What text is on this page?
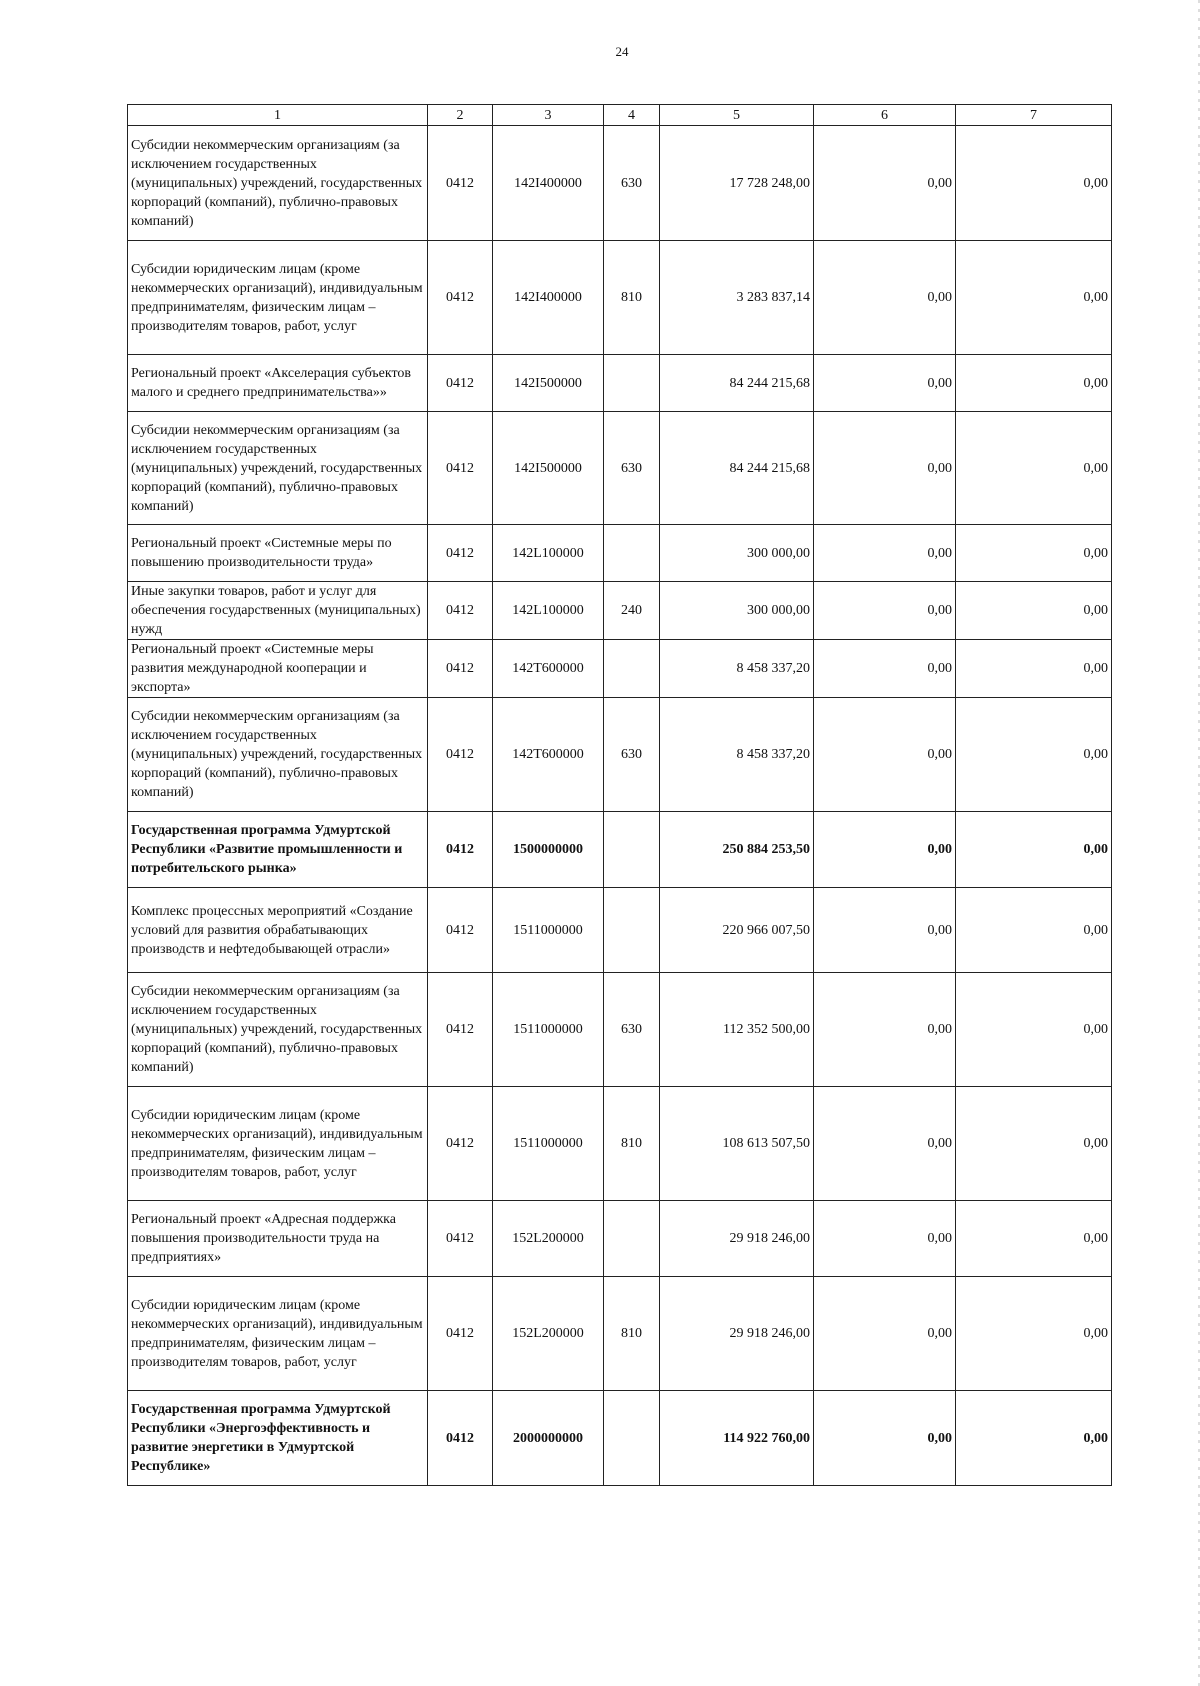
24
1	2	3	4	5	6	7
Субсидии некоммерческим организациям (за исключением государственных (муниципальных) учреждений, государственных корпораций (компаний), публично-правовых компаний)	0412	142I400000	630	17 728 248,00	0,00	0,00
Субсидии юридическим лицам (кроме некоммерческих организаций), индивидуальным предпринимателям, физическим лицам – производителям товаров, работ, услуг	0412	142I400000	810	3 283 837,14	0,00	0,00
Региональный проект «Акселерация субъектов малого и среднего предпринимательства»»	0412	142I500000		84 244 215,68	0,00	0,00
Субсидии некоммерческим организациям (за исключением государственных (муниципальных) учреждений, государственных корпораций (компаний), публично-правовых компаний)	0412	142I500000	630	84 244 215,68	0,00	0,00
Региональный проект «Системные меры по повышению производительности труда»	0412	142L100000		300 000,00	0,00	0,00
Иные закупки товаров, работ и услуг для обеспечения государственных (муниципальных) нужд	0412	142L100000	240	300 000,00	0,00	0,00
Региональный проект «Системные меры развития международной кооперации и экспорта»	0412	142T600000		8 458 337,20	0,00	0,00
Субсидии некоммерческим организациям (за исключением государственных (муниципальных) учреждений, государственных корпораций (компаний), публично-правовых компаний)	0412	142T600000	630	8 458 337,20	0,00	0,00
Государственная программа Удмуртской Республики «Развитие промышленности и потребительского рынка»	0412	1500000000		250 884 253,50	0,00	0,00
Комплекс процессных мероприятий «Создание условий для развития обрабатывающих производств и нефтедобывающей отрасли»	0412	1511000000		220 966 007,50	0,00	0,00
Субсидии некоммерческим организациям (за исключением государственных (муниципальных) учреждений, государственных корпораций (компаний), публично-правовых компаний)	0412	1511000000	630	112 352 500,00	0,00	0,00
Субсидии юридическим лицам (кроме некоммерческих организаций), индивидуальным предпринимателям, физическим лицам – производителям товаров, работ, услуг	0412	1511000000	810	108 613 507,50	0,00	0,00
Региональный проект «Адресная поддержка повышения производительности труда на предприятиях»	0412	152L200000		29 918 246,00	0,00	0,00
Субсидии юридическим лицам (кроме некоммерческих организаций), индивидуальным предпринимателям, физическим лицам – производителям товаров, работ, услуг	0412	152L200000	810	29 918 246,00	0,00	0,00
Государственная программа Удмуртской Республики «Энергоэффективность и развитие энергетики в Удмуртской Республике»	0412	2000000000		114 922 760,00	0,00	0,00
